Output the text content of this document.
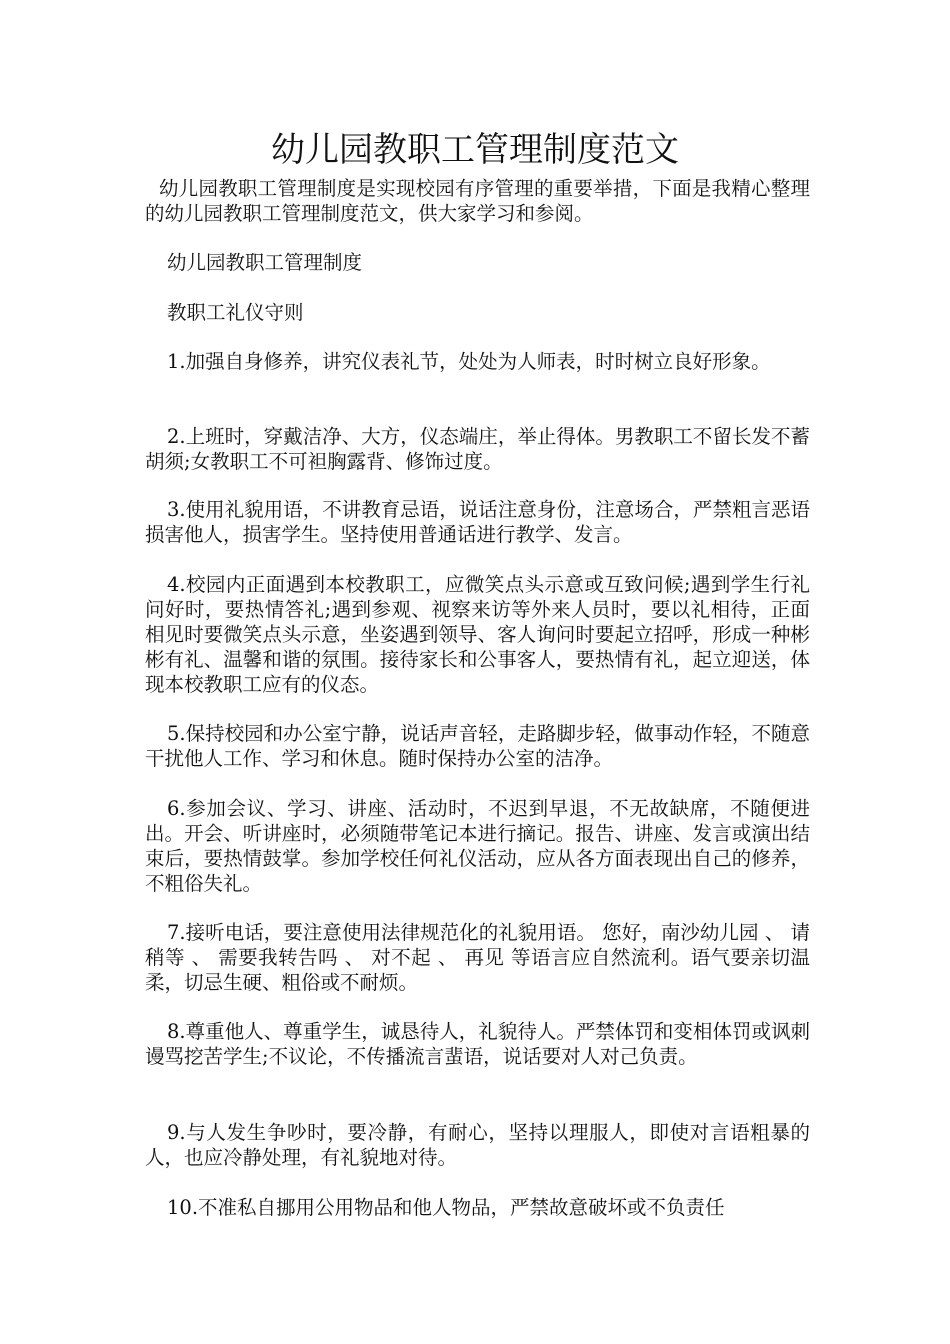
幼儿园教职工管理制度范文

幼儿园教职工管理制度是实现校园有序管理的重要举措，下面是我精心整理的幼儿园教职工管理制度范文，供大家学习和参阅。

幼儿园教职工管理制度

教职工礼仪守则

1.加强自身修养，讲究仪表礼节，处处为人师表，时时树立良好形象。

2.上班时，穿戴洁净、大方，仪态端庄，举止得体。男教职工不留长发不蓄胡须;女教职工不可袒胸露背、修饰过度。

3.使用礼貌用语，不讲教育忌语，说话注意身份，注意场合，严禁粗言恶语损害他人，损害学生。坚持使用普通话进行教学、发言。

4.校园内正面遇到本校教职工，应微笑点头示意或互致问候;遇到学生行礼问好时，要热情答礼;遇到参观、视察来访等外来人员时，要以礼相待，正面相见时要微笑点头示意，坐姿遇到领导、客人询问时要起立招呼，形成一种彬彬有礼、温馨和谐的氛围。接待家长和公事客人，要热情有礼，起立迎送，体现本校教职工应有的仪态。

5.保持校园和办公室宁静，说话声音轻，走路脚步轻，做事动作轻，不随意干扰他人工作、学习和休息。随时保持办公室的洁净。

6.参加会议、学习、讲座、活动时，不迟到早退，不无故缺席，不随便进出。开会、听讲座时，必须随带笔记本进行摘记。报告、讲座、发言或演出结束后，要热情鼓掌。参加学校任何礼仪活动，应从各方面表现出自己的修养，不粗俗失礼。

7.接听电话，要注意使用法律规范化的礼貌用语。 您好，南沙幼儿园 、 请稍等 、 需要我转告吗 、 对不起 、 再见 等语言应自然流利。语气要亲切温柔，切忌生硬、粗俗或不耐烦。

8.尊重他人、尊重学生，诚恳待人，礼貌待人。严禁体罚和变相体罚或讽刺谩骂挖苦学生;不议论，不传播流言蜚语，说话要对人对己负责。

9.与人发生争吵时，要冷静，有耐心，坚持以理服人，即使对言语粗暴的人，也应冷静处理，有礼貌地对待。

10.不准私自挪用公用物品和他人物品，严禁故意破坏或不负责任
